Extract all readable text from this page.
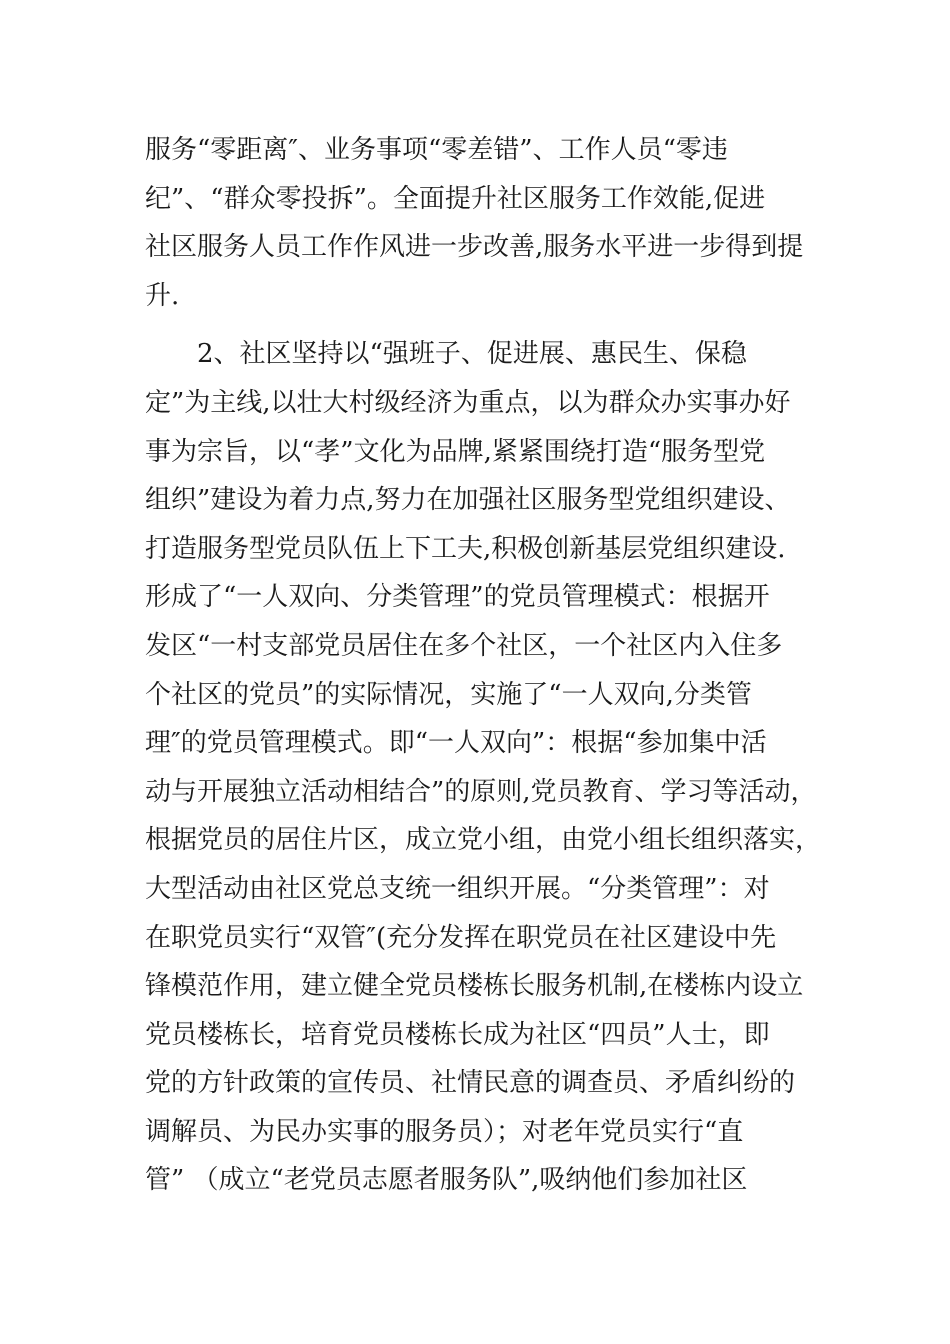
服务“零距离″、业务事项“零差错”、工作人员“零违
纪”、“群众零投拆”。全面提升社区服务工作效能,促进
社区服务人员工作作风进一步改善,服务水平进一步得到提
升.
　　2、社区坚持以“强班子、促进展、惠民生、保稳
定”为主线,以壮大村级经济为重点，以为群众办实事办好
事为宗旨，以“孝”文化为品牌,紧紧围绕打造“服务型党
组织”建设为着力点,努力在加强社区服务型党组织建设、
打造服务型党员队伍上下工夫,积极创新基层党组织建设.
形成了“一人双向、分类管理”的党员管理模式：根据开
发区“一村支部党员居住在多个社区，一个社区内入住多
个社区的党员”的实际情况，实施了“一人双向,分类管
理″的党员管理模式。即“一人双向”：根据“参加集中活
动与开展独立活动相结合”的原则,党员教育、学习等活动，
根据党员的居住片区，成立党小组，由党小组长组织落实，
大型活动由社区党总支统一组织开展。“分类管理”：对
在职党员实行“双管″(充分发挥在职党员在社区建设中先
锋模范作用，建立健全党员楼栋长服务机制,在楼栋内设立
党员楼栋长，培育党员楼栋长成为社区“四员”人士，即
党的方针政策的宣传员、社情民意的调查员、矛盾纠纷的
调解员、为民办实事的服务员）；对老年党员实行“直
管” （成立“老党员志愿者服务队”,吸纳他们参加社区
